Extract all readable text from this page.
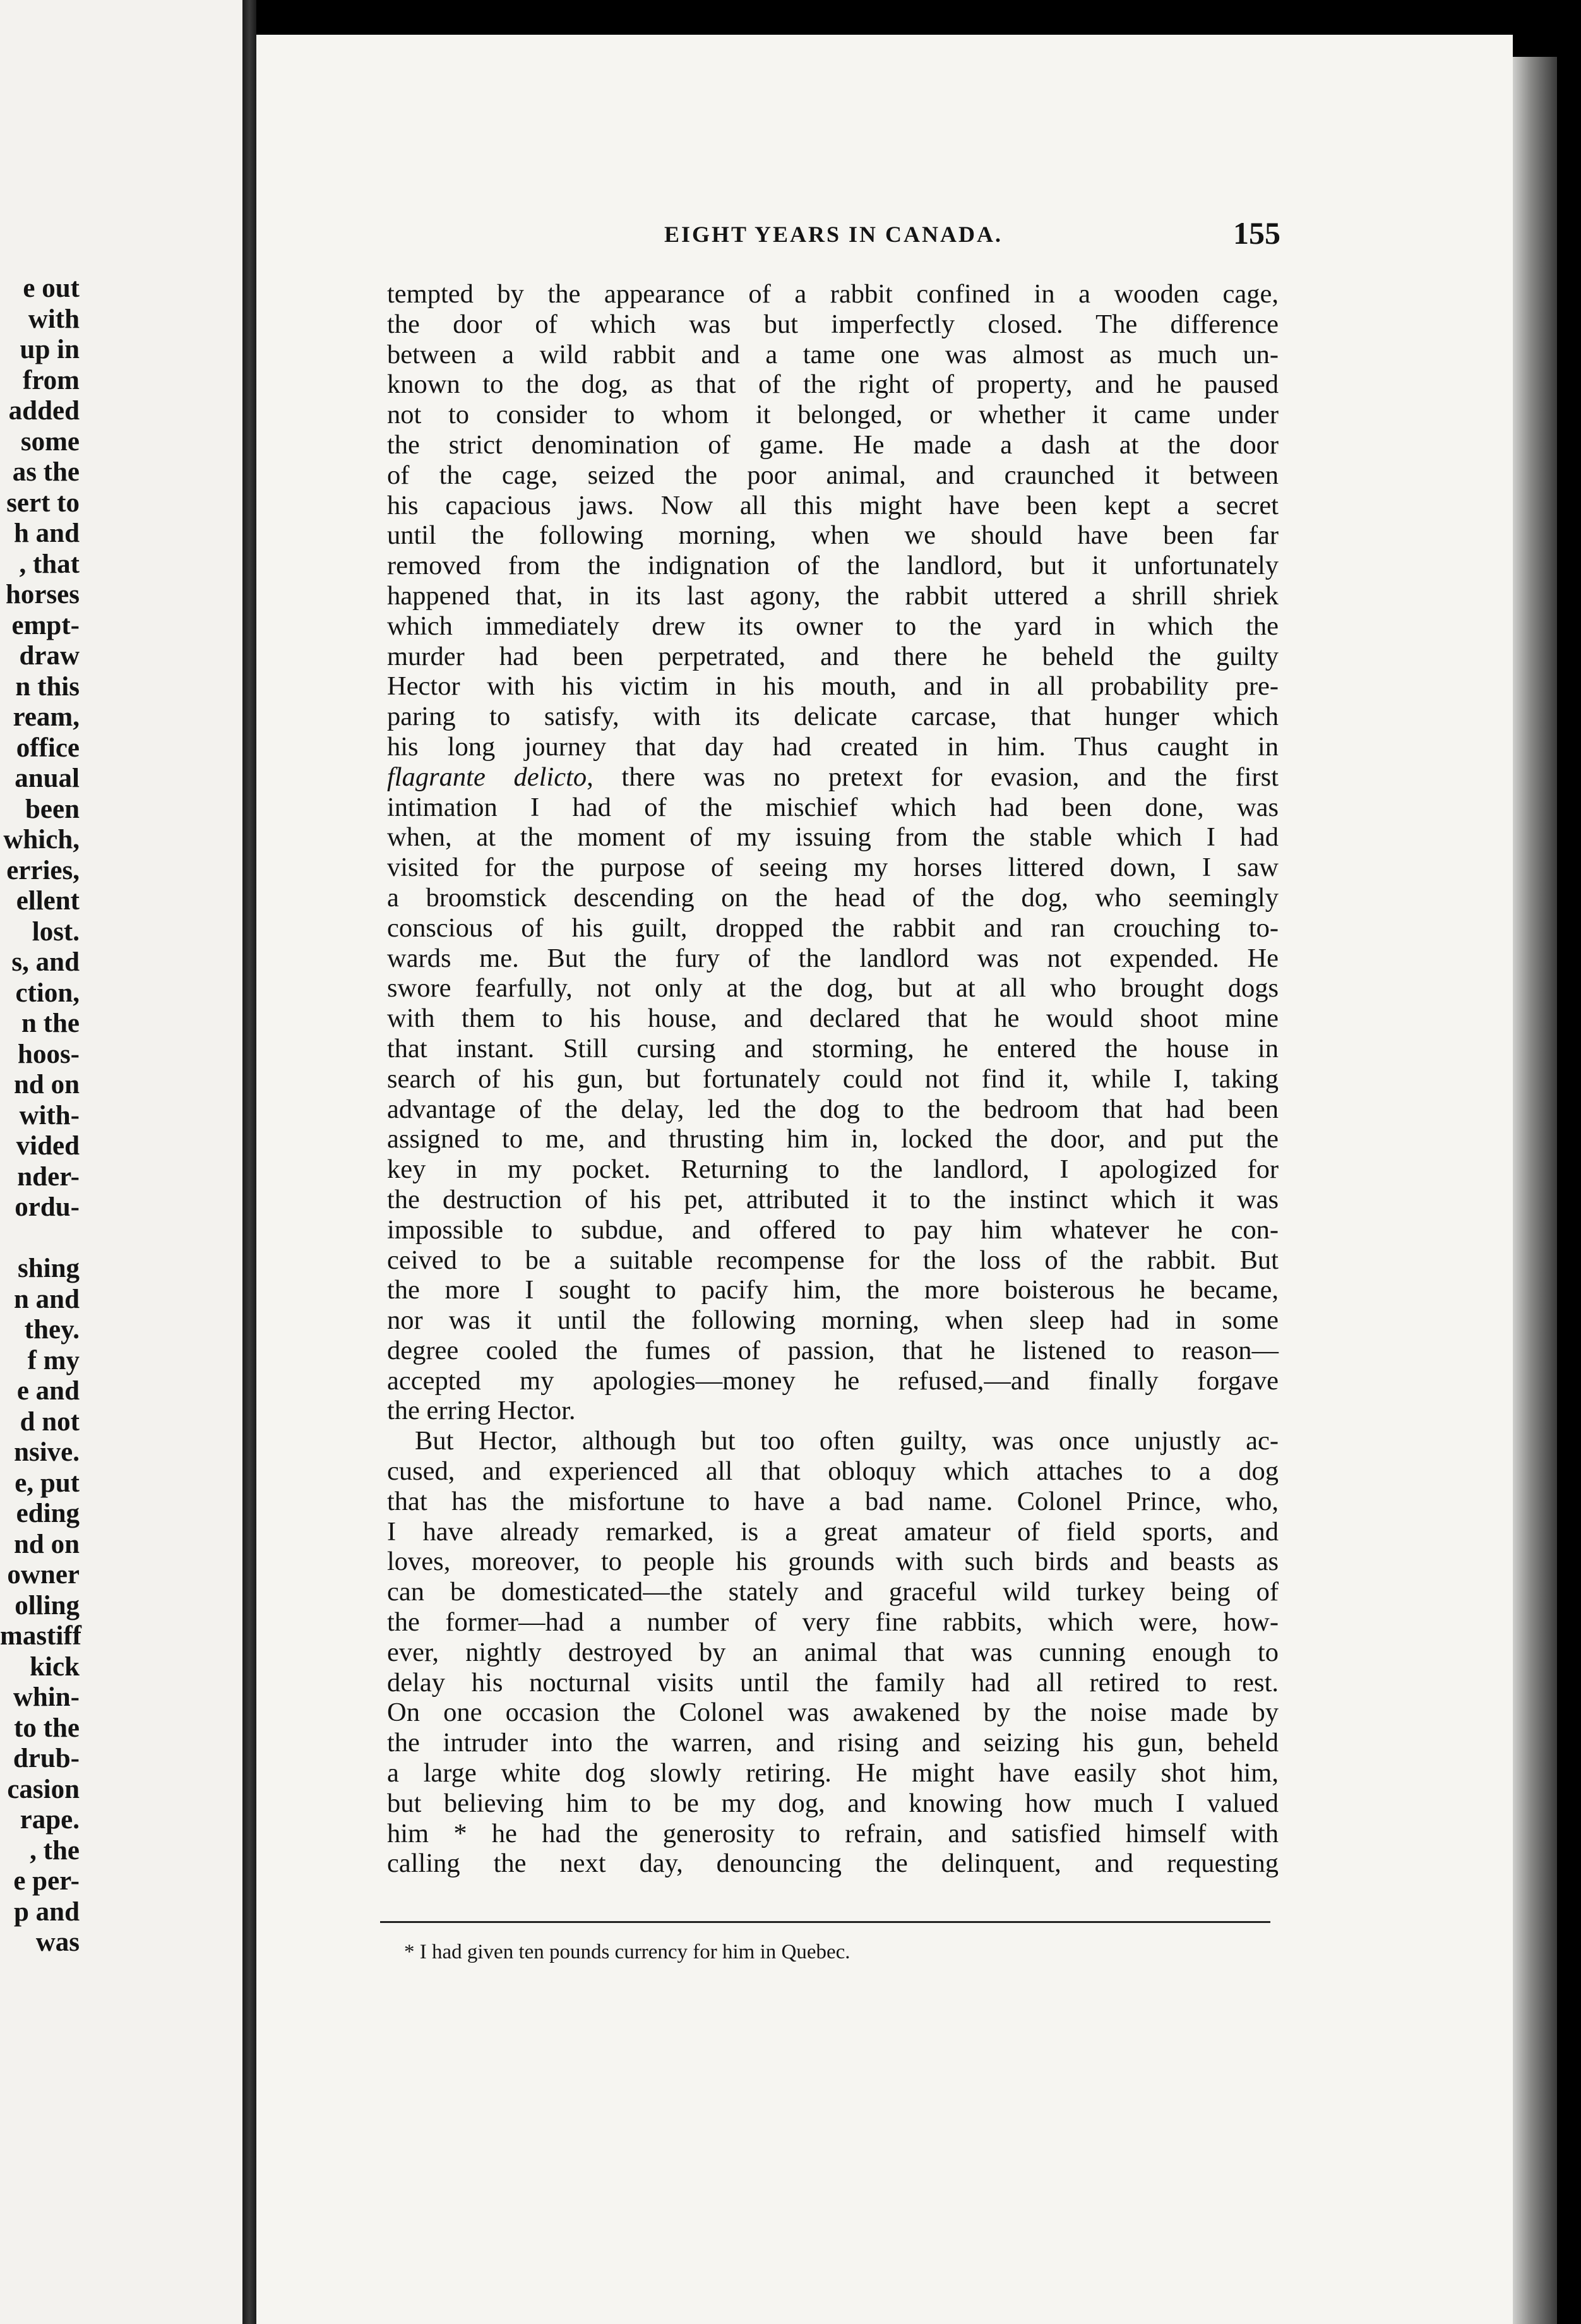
e out
with
up in
from
added
some
as the
sert to
h and
, that
horses
empt-
draw
n this
ream,
office
anual
been
which,
erries,
ellent
lost.
s, and
ction,
n the
hoos-
nd on
with-
vided
nder-
ordu-
shing
n and
they.
f my
e and
d not
nsive.
e, put
eding
nd on
owner
olling
mastiff
kick
whin-
to the
drub-
casion
rape.
, the
e per-
p and
was
EIGHT YEARS IN CANADA.	155
tempted by the appearance of a rabbit confined in a wooden cage,
the door of which was but imperfectly closed. The difference
between a wild rabbit and a tame one was almost as much un-
known to the dog, as that of the right of property, and he paused
not to consider to whom it belonged, or whether it came under
the strict denomination of game. He made a dash at the door
of the cage, seized the poor animal, and craunched it between
his capacious jaws. Now all this might have been kept a secret
until the following morning, when we should have been far
removed from the indignation of the landlord, but it unfortunately
happened that, in its last agony, the rabbit uttered a shrill shriek
which immediately drew its owner to the yard in which the
murder had been perpetrated, and there he beheld the guilty
Hector with his victim in his mouth, and in all probability pre-
paring to satisfy, with its delicate carcase, that hunger which
his long journey that day had created in him. Thus caught in
flagrante delicto, there was no pretext for evasion, and the first
intimation I had of the mischief which had been done, was
when, at the moment of my issuing from the stable which I had
visited for the purpose of seeing my horses littered down, I saw
a broomstick descending on the head of the dog, who seemingly
conscious of his guilt, dropped the rabbit and ran crouching to-
wards me. But the fury of the landlord was not expended. He
swore fearfully, not only at the dog, but at all who brought dogs
with them to his house, and declared that he would shoot mine
that instant. Still cursing and storming, he entered the house in
search of his gun, but fortunately could not find it, while I, taking
advantage of the delay, led the dog to the bedroom that had been
assigned to me, and thrusting him in, locked the door, and put the
key in my pocket. Returning to the landlord, I apologized for
the destruction of his pet, attributed it to the instinct which it was
impossible to subdue, and offered to pay him whatever he con-
ceived to be a suitable recompense for the loss of the rabbit. But
the more I sought to pacify him, the more boisterous he became,
nor was it until the following morning, when sleep had in some
degree cooled the fumes of passion, that he listened to reason—
accepted my apologies—money he refused,—and finally forgave
the erring Hector.
But Hector, although but too often guilty, was once unjustly ac-
cused, and experienced all that obloquy which attaches to a dog
that has the misfortune to have a bad name. Colonel Prince, who,
I have already remarked, is a great amateur of field sports, and
loves, moreover, to people his grounds with such birds and beasts as
can be domesticated—the stately and graceful wild turkey being of
the former—had a number of very fine rabbits, which were, how-
ever, nightly destroyed by an animal that was cunning enough to
delay his nocturnal visits until the family had all retired to rest.
On one occasion the Colonel was awakened by the noise made by
the intruder into the warren, and rising and seizing his gun, beheld
a large white dog slowly retiring. He might have easily shot him,
but believing him to be my dog, and knowing how much I valued
him * he had the generosity to refrain, and satisfied himself with
calling the next day, denouncing the delinquent, and requesting
* I had given ten pounds currency for him in Quebec.
